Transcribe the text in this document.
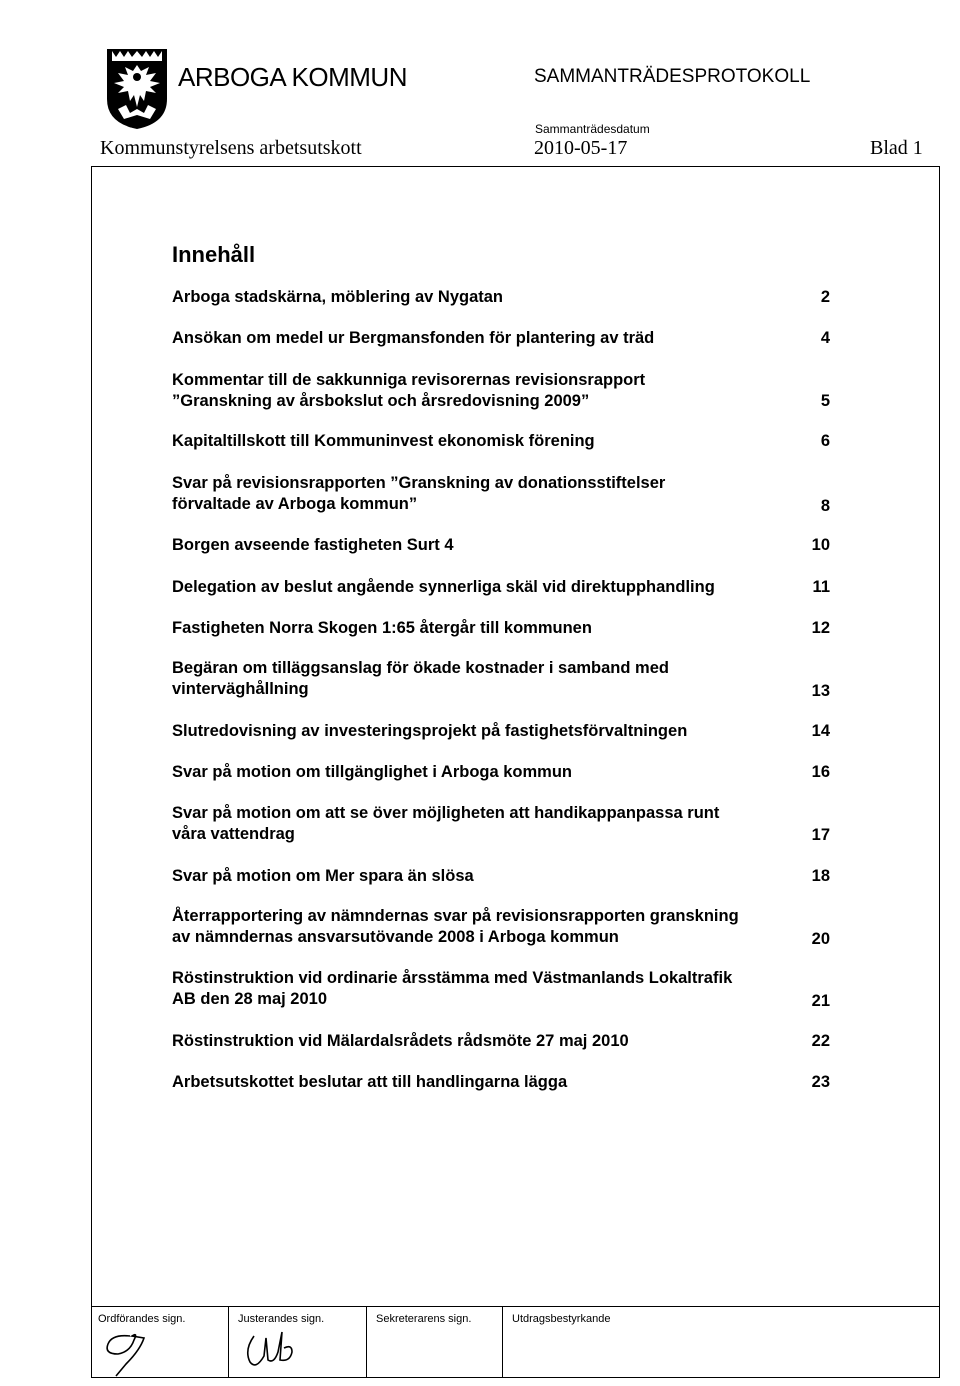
ARBOGA KOMMUN	SAMMANTRÄDESPROTOKOLL
Kommunstyrelsens arbetsutskott
Sammanträdesdatum
2010-05-17	Blad 1
Innehåll
Arboga stadskärna, möblering av Nygatan	2
Ansökan om medel ur Bergmansfonden för plantering av träd	4
Kommentar till de sakkunniga revisorernas revisionsrapport
”Granskning av årsbokslut och årsredovisning 2009”	5
Kapitaltillskott till Kommuninvest ekonomisk förening	6
Svar på revisionsrapporten ”Granskning av donationsstiftelser
förvaltade av Arboga kommun”	8
Borgen avseende fastigheten Surt 4	10
Delegation av beslut angående synnerliga skäl vid direktupphandling	11
Fastigheten Norra Skogen 1:65 återgår till kommunen	12
Begäran om tilläggsanslag för ökade kostnader i samband med
vinterväghållning	13
Slutredovisning av investeringsprojekt på fastighetsförvaltningen	14
Svar på motion om tillgänglighet i Arboga kommun	16
Svar på motion om att se över möjligheten att handikappanpassa runt
våra vattendrag	17
Svar på motion om Mer spara än slösa	18
Återrapportering av nämndernas svar på revisionsrapporten granskning
av nämndernas ansvarsutövande 2008 i Arboga kommun	20
Röstinstruktion vid ordinarie årsstämma med Västmanlands Lokaltrafik
AB den 28 maj 2010	21
Röstinstruktion vid Mälardalsrådets rådsmöte 27 maj 2010	22
Arbetsutskottet beslutar att till handlingarna lägga	23
Ordförandes sign.	Justerandes sign.	Sekreterarens sign.	Utdragsbestyrkande
